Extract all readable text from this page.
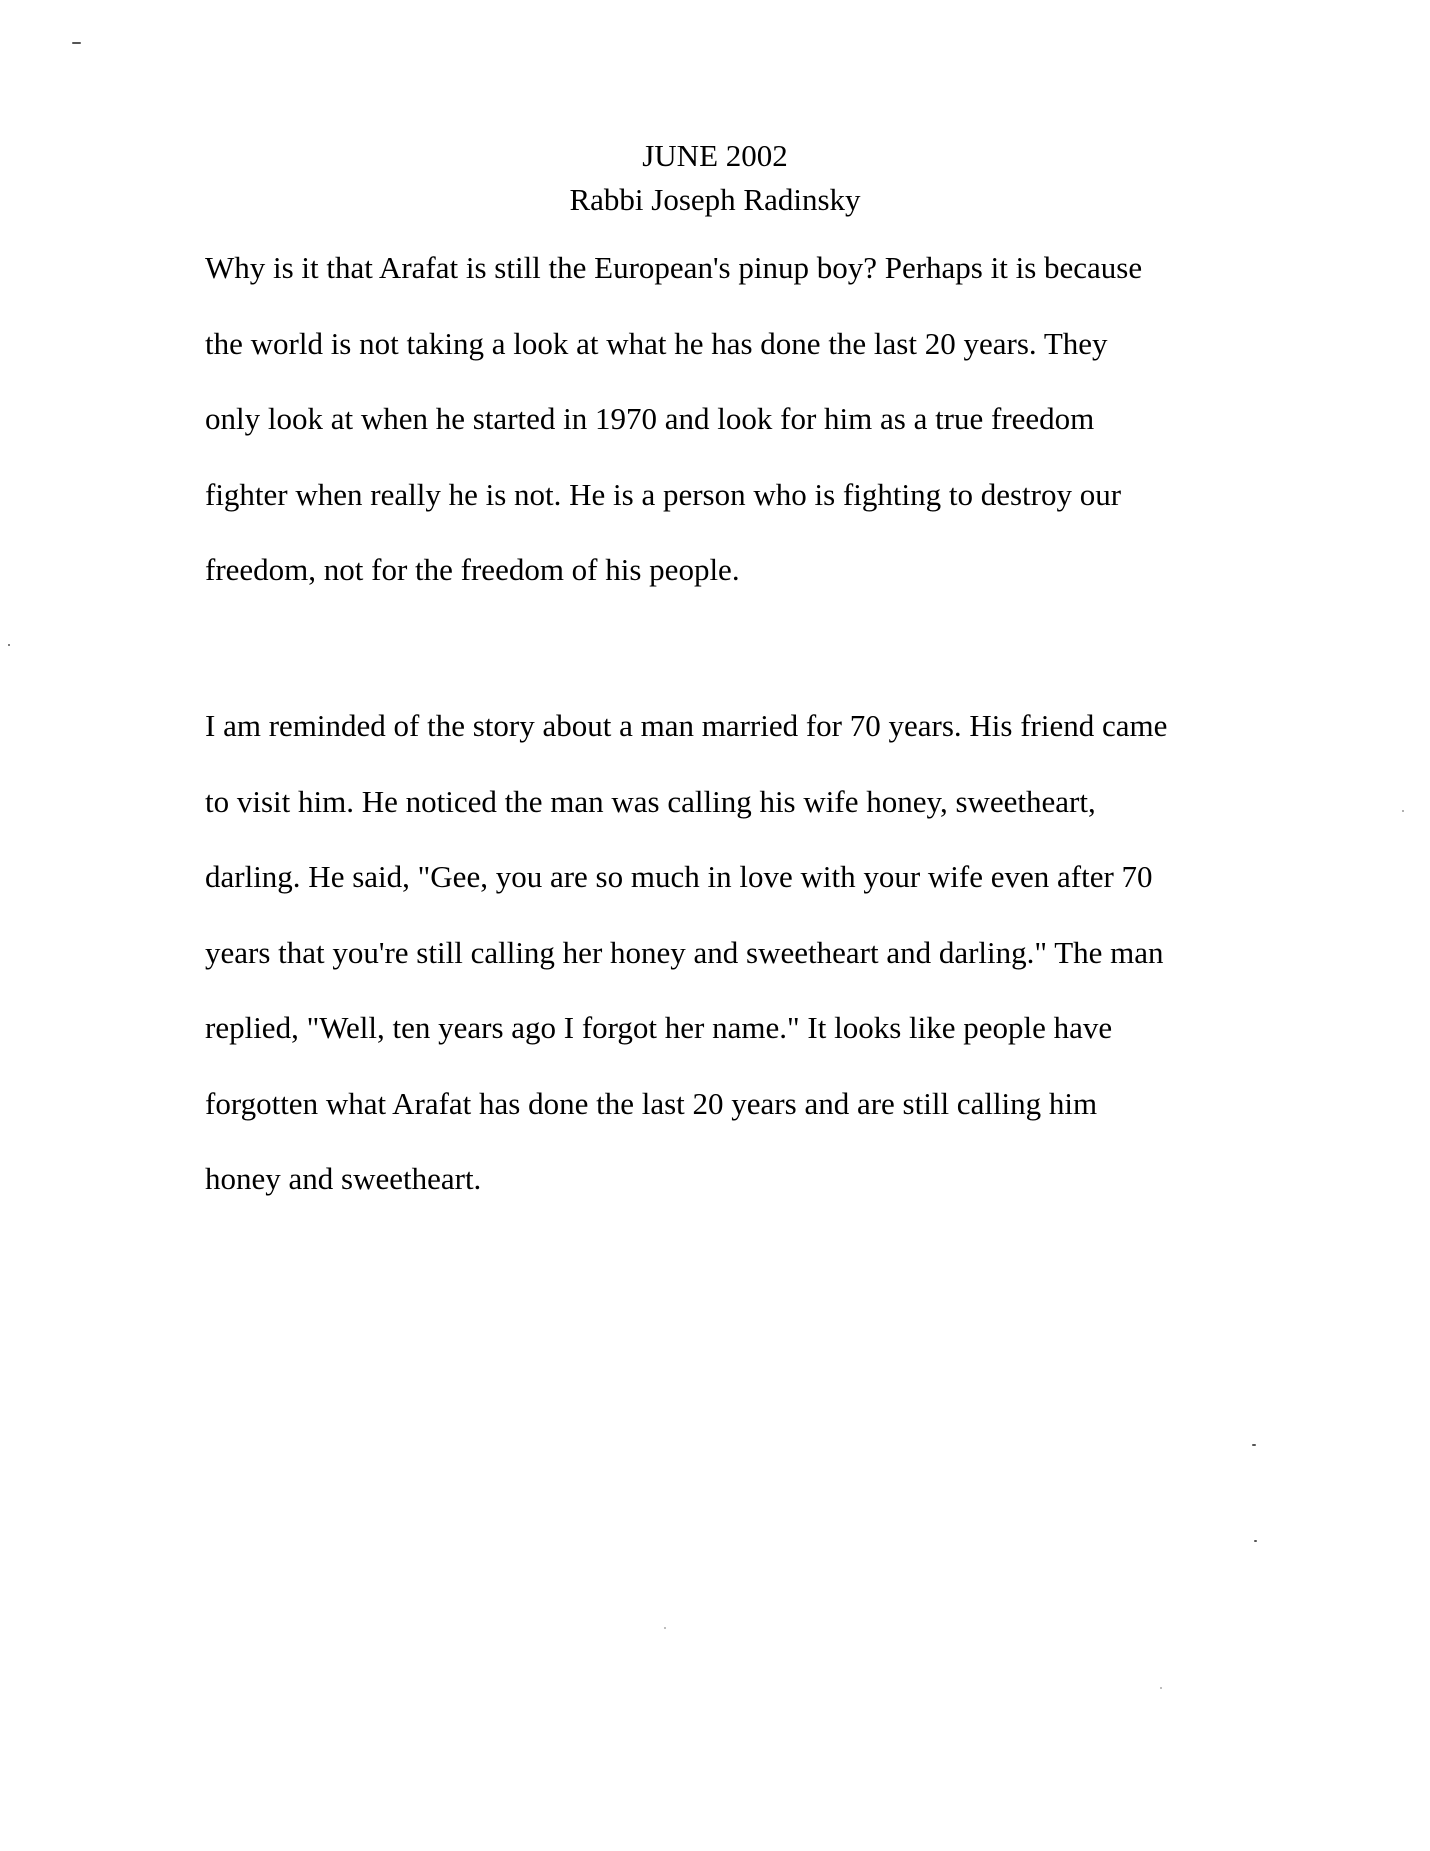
JUNE 2002
Rabbi Joseph Radinsky
Why is it that Arafat is still the European's pinup boy? Perhaps it is because
the world is not taking a look at what he has done the last 20 years. They
only look at when he started in 1970 and look for him as a true freedom
fighter when really he is not. He is a person who is fighting to destroy our
freedom, not for the freedom of his people.
I am reminded of the story about a man married for 70 years. His friend came
to visit him. He noticed the man was calling his wife honey, sweetheart,
darling. He said, "Gee, you are so much in love with your wife even after 70
years that you're still calling her honey and sweetheart and darling." The man
replied, "Well, ten years ago I forgot her name." It looks like people have
forgotten what Arafat has done the last 20 years and are still calling him
honey and sweetheart.
